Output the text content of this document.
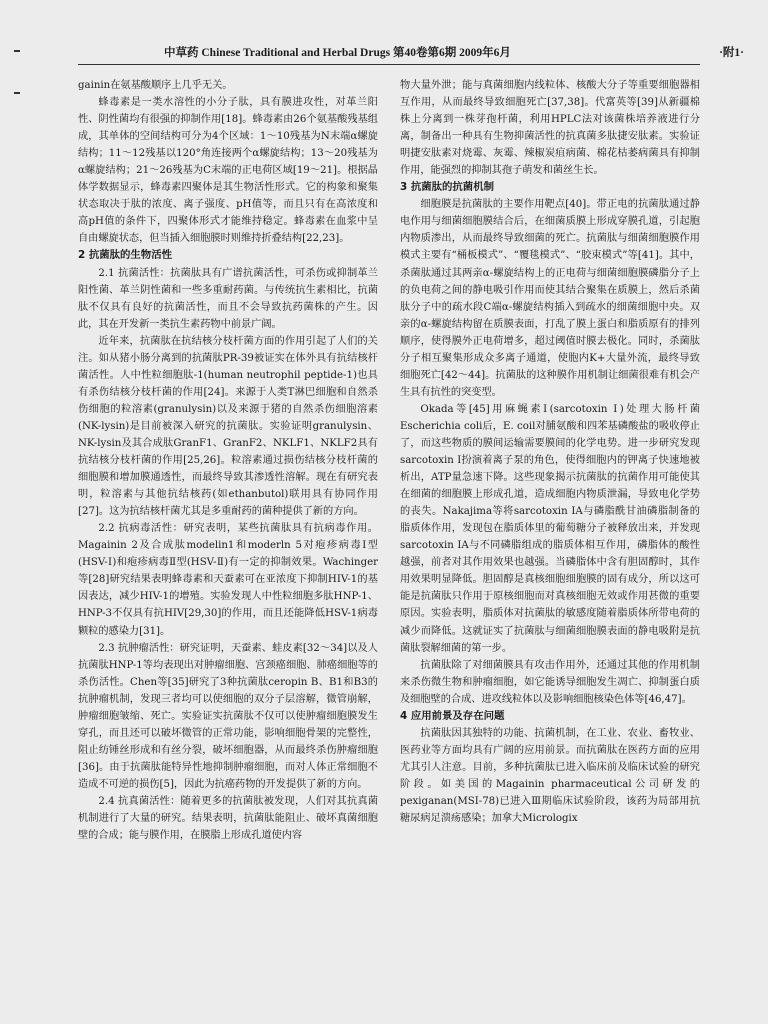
中草药 Chinese Traditional and Herbal Drugs 第40卷第6期 2009年6月	·附1·

gainin在氨基酸顺序上几乎无关。

蜂毒素是一类水溶性的小分子肽，具有膜进攻性，对革兰阳性、阴性菌均有很强的抑制作用[18]。蜂毒素由26个氨基酸残基组成，其单体的空间结构可分为4个区域：1～10残基为N末端α螺旋结构；11～12残基以120°角连接两个α螺旋结构；13～20残基为α螺旋结构；21～26残基为C末端的正电荷区域[19～21]。根据晶体学数据显示，蜂毒素四聚体是其生物活性形式。它的构象和聚集状态取决于肽的浓度、离子强度、pH值等，而且只有在高浓度和高pH值的条件下，四聚体形式才能维持稳定。蜂毒素在血浆中呈自由螺旋状态，但当插入细胞膜时则维持折叠结构[22,23]。

2 抗菌肽的生物活性

2.1 抗菌活性：抗菌肽具有广谱抗菌活性，可杀伤或抑制革兰阳性菌、革兰阴性菌和一些多重耐药菌。与传统抗生素相比，抗菌肽不仅具有良好的抗菌活性，而且不会导致抗药菌株的产生。因此，其在开发新一类抗生素药物中前景广阔。

近年来，抗菌肽在抗结核分枝杆菌方面的作用引起了人们的关注。如从猪小肠分离到的抗菌肽PR-39被证实在体外具有抗结核杆菌活性。人中性粒细胞肽-1(human neutrophil peptide-1)也具有杀伤结核分枝杆菌的作用[24]。来源于人类T淋巴细胞和自然杀伤细胞的粒溶素(granulysin)以及来源于猪的自然杀伤细胞溶素(NK-lysin)是目前被深入研究的抗菌肽。实验证明granulysin、NK-lysin及其合成肽GranF1、GranF2、NKLF1、NKLF2具有抗结核分枝杆菌的作用[25,26]。粒溶素通过损伤结核分枝杆菌的细胞膜和增加膜通透性，而最终导致其渗透性溶解。现在有研究表明，粒溶素与其他抗结核药(如ethanbutol)联用具有协同作用[27]。这为抗结核杆菌尤其是多重耐药的菌种提供了新的方向。

2.2 抗病毒活性：研究表明，某些抗菌肽具有抗病毒作用。Magainin 2及合成肽modelin1和moderln 5对疱疹病毒Ⅰ型(HSV-Ⅰ)和疱疹病毒Ⅱ型(HSV-Ⅱ)有一定的抑制效果。Wachinger等[28]研究结果表明蜂毒素和天蚕素可在亚浓度下抑制HIV-1的基因表达，减少HIV-1的增殖。实验发现人中性粒细胞多肽HNP-1、HNP-3不仅具有抗HIV[29,30]的作用，而且还能降低HSV-1病毒颗粒的感染力[31]。

2.3 抗肿瘤活性：研究证明，天蚕素、蛙皮素[32～34]以及人抗菌肽HNP-1等均表现出对肿瘤细胞、宫颈癌细胞、肺癌细胞等的杀伤活性。Chen等[35]研究了3种抗菌肽ceropin B、B1和B3的抗肿瘤机制，发现三者均可以使细胞的双分子层溶解，微管崩解，肿瘤细胞皱缩、死亡。实验证实抗菌肽不仅可以使肿瘤细胞膜发生穿孔，而且还可以破坏微管的正常功能，影响细胞骨架的完整性，阻止纺锤丝形成和有丝分裂，破坏细胞器，从而最终杀伤肿瘤细胞[36]。由于抗菌肽能特异性地抑制肿瘤细胞，而对人体正常细胞不造成不可逆的损伤[5]，因此为抗癌药物的开发提供了新的方向。

2.4 抗真菌活性：随着更多的抗菌肽被发现，人们对其抗真菌机制进行了大量的研究。结果表明，抗菌肽能阻止、破坏真菌细胞壁的合成；能与膜作用，在膜脂上形成孔道使内容

物大量外泄；能与真菌细胞内线粒体、核酸大分子等重要细胞器相互作用，从而最终导致细胞死亡[37,38]。代富英等[39]从新疆棉株上分离到一株芽孢杆菌，利用HPLC法对该菌株培养液进行分离，制备出一种具有生物抑菌活性的抗真菌多肽捷安肽素。实验证明捷安肽素对烧霉、灰霉、辣椒炭疽病菌、棉花枯萎病菌具有抑制作用，能强烈的抑制其孢子萌发和菌丝生长。

3 抗菌肽的抗菌机制

细胞膜是抗菌肽的主要作用靶点[40]。带正电的抗菌肽通过静电作用与细菌细胞膜结合后，在细菌质膜上形成穿膜孔道，引起胞内物质渗出，从而最终导致细菌的死亡。抗菌肽与细菌细胞膜作用模式主要有“桶板模式”、“覆毯模式”、“胶束模式”等[41]。其中，杀菌肽通过其两亲α-螺旋结构上的正电荷与细菌细胞膜磷脂分子上的负电荷之间的静电吸引作用而使其结合聚集在质膜上，然后杀菌肽分子中的疏水段C端α-螺旋结构插入到疏水的细菌细胞中央。双亲的α-螺旋结构留在质膜表面，打乱了膜上蛋白和脂质原有的排列顺序，使得膜外正电荷增多，超过阈值时膜去极化。同时，杀菌肽分子相互聚集形成众多离子通道，使胞内K+大量外流，最终导致细胞死亡[42～44]。抗菌肽的这种膜作用机制让细菌很难有机会产生具有抗性的突变型。

Okada等[45]用麻蝇素Ⅰ(sarcotoxin Ⅰ)处理大肠杆菌Escherichia coli后，E. coil对脯氨酸和四苯基磷酸盐的吸收停止了，而这些物质的膜间运输需要膜间的化学电势。进一步研究发现sarcotoxin Ⅰ扮演着离子泵的角色，使得细胞内的钾离子快速地被析出，ATP量急速下降。这些现象揭示抗菌肽的抗菌作用可能使其在细菌的细胞膜上形成孔道，造成细胞内物质泄漏，导致电化学势的丧失。Nakajima等将sarcotoxin IA与磷脂酰甘油磷脂制备的脂质体作用，发现包在脂质体里的葡萄糖分子被释放出来，并发现sarcotoxin IA与不同磷脂组成的脂质体相互作用，磷脂体的酸性越强，前者对其作用效果也越强。当磷脂体中含有胆固醇时，其作用效果明显降低。胆固醇是真核细胞细胞膜的固有成分，所以这可能是抗菌肽只作用于原核细胞而对真核细胞无效或作用甚微的重要原因。实验表明，脂质体对抗菌肽的敏感度随着脂质体所带电荷的减少而降低。这就证实了抗菌肽与细菌细胞膜表面的静电吸附是抗菌肽裂解细菌的第一步。

抗菌肽除了对细菌膜具有攻击作用外，还通过其他的作用机制来杀伤微生物和肿瘤细胞，如它能诱导细胞发生凋亡、抑制蛋白质及细胞壁的合成、进攻线粒体以及影响细胞核染色体等[46,47]。

4 应用前景及存在问题

抗菌肽因其独特的功能、抗菌机制，在工业、农业、畜牧业、医药业等方面均具有广阔的应用前景。而抗菌肽在医药方面的应用尤其引人注意。目前，多种抗菌肽已进入临床前及临床试验的研究阶段。如美国的Magainin pharmaceutical公司研发的pexiganan(MSI-78)已进入Ⅲ期临床试验阶段，该药为局部用抗糖尿病足溃疡感染；加拿大Micrologix
